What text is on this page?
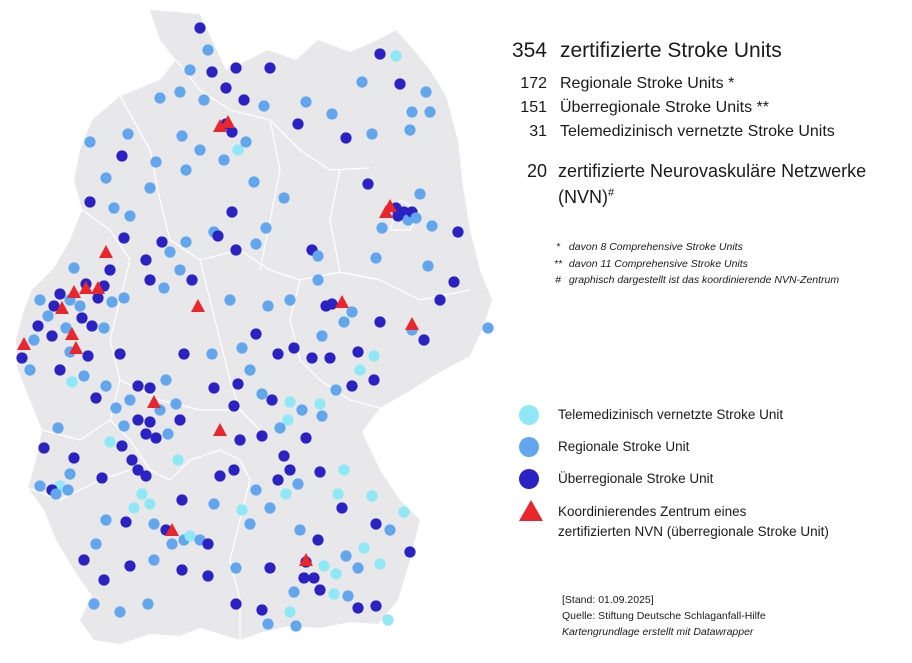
354 zertifizierte Stroke Units
172 Regionale Stroke Units *
151 Überregionale Stroke Units **
31 Telemedizinisch vernetzte Stroke Units
20 zertifizierte Neurovaskuläre Netzwerke
(NVN)#
* davon 8 Comprehensive Stroke Units
** davon 11 Comprehensive Stroke Units
# graphisch dargestellt ist das koordinierende NVN-Zentrum
Telemedizinisch vernetzte Stroke Unit
Regionale Stroke Unit
Überregionale Stroke Unit
Koordinierendes Zentrum eines
zertifizierten NVN (überregionale Stroke Unit)
[Stand: 01.09.2025]
Quelle: Stiftung Deutsche Schlaganfall-Hilfe
Kartengrundlage erstellt mit Datawrapper
